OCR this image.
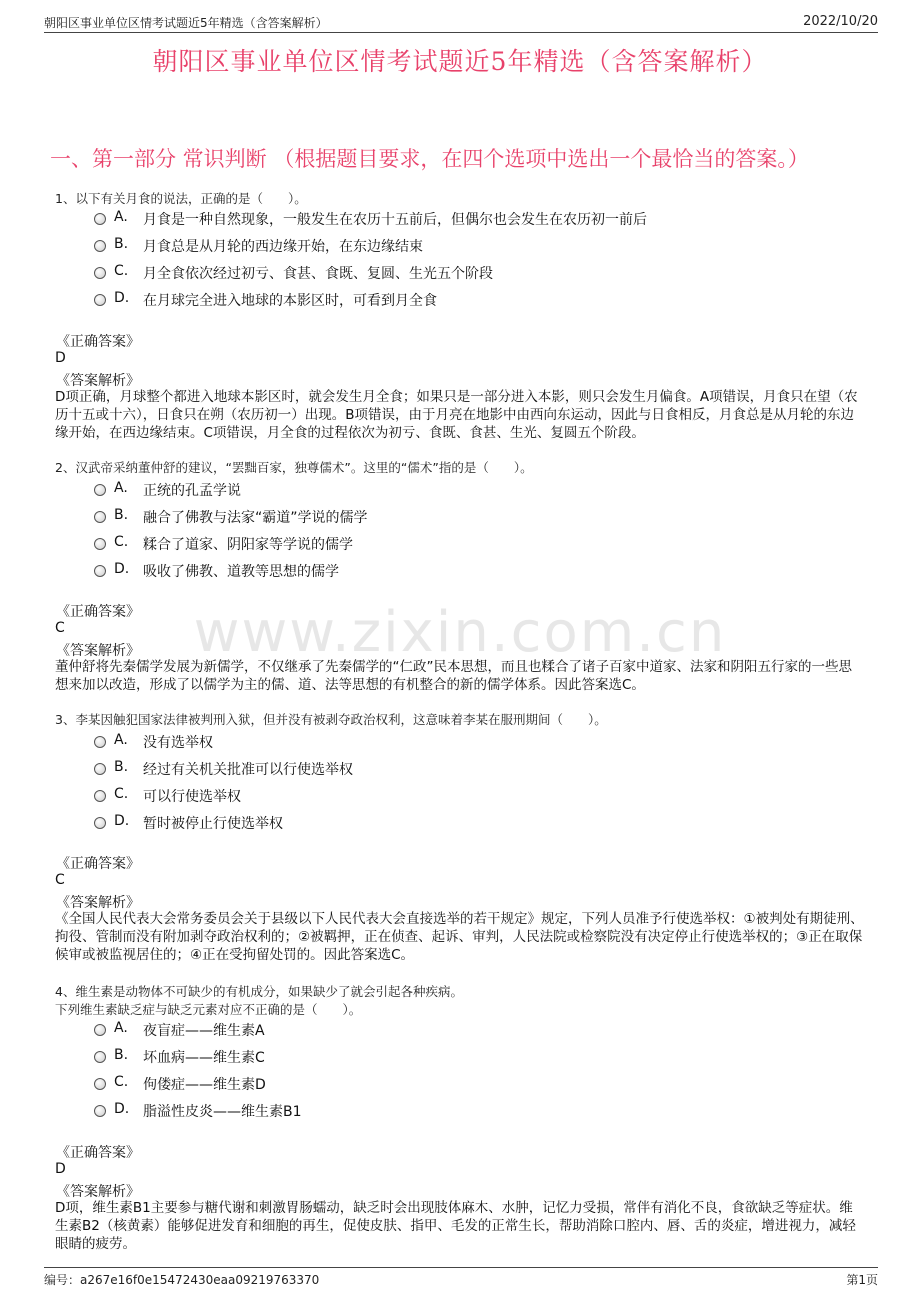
朝阳区事业单位区情考试题近5年精选（含答案解析）	2022/10/20
朝阳区事业单位区情考试题近5年精选（含答案解析）
一、第一部分 常识判断 （根据题目要求，在四个选项中选出一个最恰当的答案。）
www.zixin.com.cn
1、以下有关月食的说法，正确的是（　　）。
A. 月食是一种自然现象，一般发生在农历十五前后，但偶尔也会发生在农历初一前后
B. 月食总是从月轮的西边缘开始，在东边缘结束
C. 月全食依次经过初亏、食甚、食既、复圆、生光五个阶段
D. 在月球完全进入地球的本影区时，可看到月全食
《正确答案》
D
《答案解析》
D项正确，月球整个都进入地球本影区时，就会发生月全食；如果只是一部分进入本影，则只会发生月偏食。A项错误，月食只在望（农历十五或十六），日食只在朔（农历初一）出现。B项错误，由于月亮在地影中由西向东运动，因此与日食相反，月食总是从月轮的东边缘开始，在西边缘结束。C项错误，月全食的过程依次为初亏、食既、食甚、生光、复圆五个阶段。
2、汉武帝采纳董仲舒的建议，“罢黜百家，独尊儒术”。这里的“儒术”指的是（　　）。
A. 正统的孔孟学说
B. 融合了佛教与法家“霸道”学说的儒学
C. 糅合了道家、阴阳家等学说的儒学
D. 吸收了佛教、道教等思想的儒学
《正确答案》
C
《答案解析》
董仲舒将先秦儒学发展为新儒学，不仅继承了先秦儒学的“仁政”民本思想，而且也糅合了诸子百家中道家、法家和阴阳五行家的一些思想来加以改造，形成了以儒学为主的儒、道、法等思想的有机整合的新的儒学体系。因此答案选C。
3、李某因触犯国家法律被判刑入狱，但并没有被剥夺政治权利，这意味着李某在服刑期间（　　）。
A. 没有选举权
B. 经过有关机关批准可以行使选举权
C. 可以行使选举权
D. 暂时被停止行使选举权
《正确答案》
C
《答案解析》
《全国人民代表大会常务委员会关于县级以下人民代表大会直接选举的若干规定》规定，下列人员准予行使选举权：①被判处有期徒刑、拘役、管制而没有附加剥夺政治权利的；②被羁押，正在侦查、起诉、审判，人民法院或检察院没有决定停止行使选举权的；③正在取保候审或被监视居住的；④正在受拘留处罚的。因此答案选C。
4、维生素是动物体不可缺少的有机成分，如果缺少了就会引起各种疾病。
下列维生素缺乏症与缺乏元素对应不正确的是（　　）。
A. 夜盲症——维生素A
B. 坏血病——维生素C
C. 佝偻症——维生素D
D. 脂溢性皮炎——维生素B1
《正确答案》
D
《答案解析》
D项，维生素B1主要参与糖代谢和刺激胃肠蠕动，缺乏时会出现肢体麻木、水肿，记忆力受损，常伴有消化不良，食欲缺乏等症状。维生素B2（核黄素）能够促进发育和细胞的再生，促使皮肤、指甲、毛发的正常生长，帮助消除口腔内、唇、舌的炎症，增进视力，减轻眼睛的疲劳。
编号：a267e16f0e15472430eaa09219763370	第1页
